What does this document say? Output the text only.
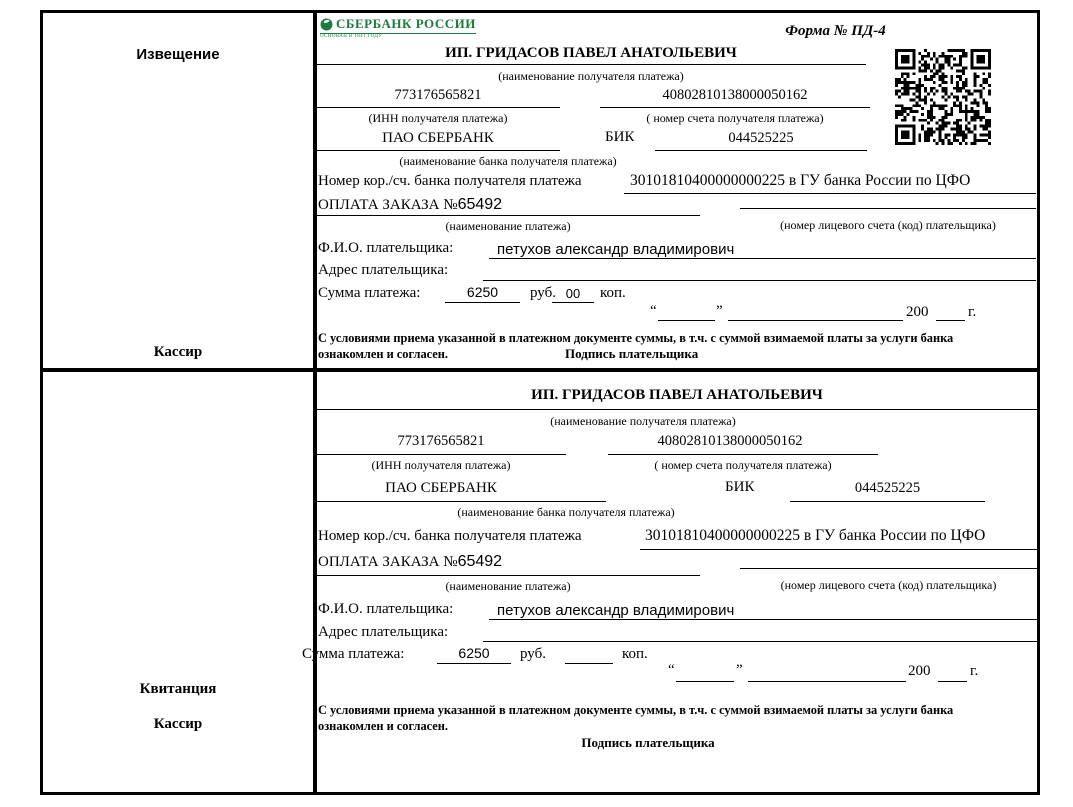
Извещение
Кассир
Квитанция
Кассир
СБЕРБАНК РОССИИ
ОСНОВАН В 1841 ГОДУ	Форма № ПД-4
ИП. ГРИДАСОВ ПАВЕЛ АНАТОЛЬЕВИЧ
(наименование получателя платежа)
773176565821	40802810138000050162
(ИНН получателя платежа)	( номер счета получателя платежа)
ПАО СБЕРБАНК	БИК	044525225
(наименование банка получателя платежа)
Номер кор./сч. банка получателя платежа	30101810400000000225 в ГУ банка России по ЦФО
ОПЛАТА ЗАКАЗА №65492
(наименование платежа)	(номер лицевого счета (код) плательщика)
Ф.И.О. плательщика:	петухов александр владимирович
Адрес плательщика:
Сумма платежа:	6250	руб. 00	коп.
“	”	200	г.
С условиями приема указанной в платежном документе суммы, в т.ч. с суммой взимаемой платы за услуги банка
ознакомлен и согласен.	Подпись плательщика
ИП. ГРИДАСОВ ПАВЕЛ АНАТОЛЬЕВИЧ
(наименование получателя платежа)
773176565821	40802810138000050162
(ИНН получателя платежа)	( номер счета получателя платежа)
ПАО СБЕРБАНК	БИК	044525225
(наименование банка получателя платежа)
Номер кор./сч. банка получателя платежа	30101810400000000225 в ГУ банка России по ЦФО
ОПЛАТА ЗАКАЗА №65492
(наименование платежа)	(номер лицевого счета (код) плательщика)
Ф.И.О. плательщика:	петухов александр владимирович
Адрес плательщика:
Сумма платежа:	6250	руб.	коп.
“	”	200	г.
С условиями приема указанной в платежном документе суммы, в т.ч. с суммой взимаемой платы за услуги банка
ознакомлен и согласен.
Подпись плательщика
